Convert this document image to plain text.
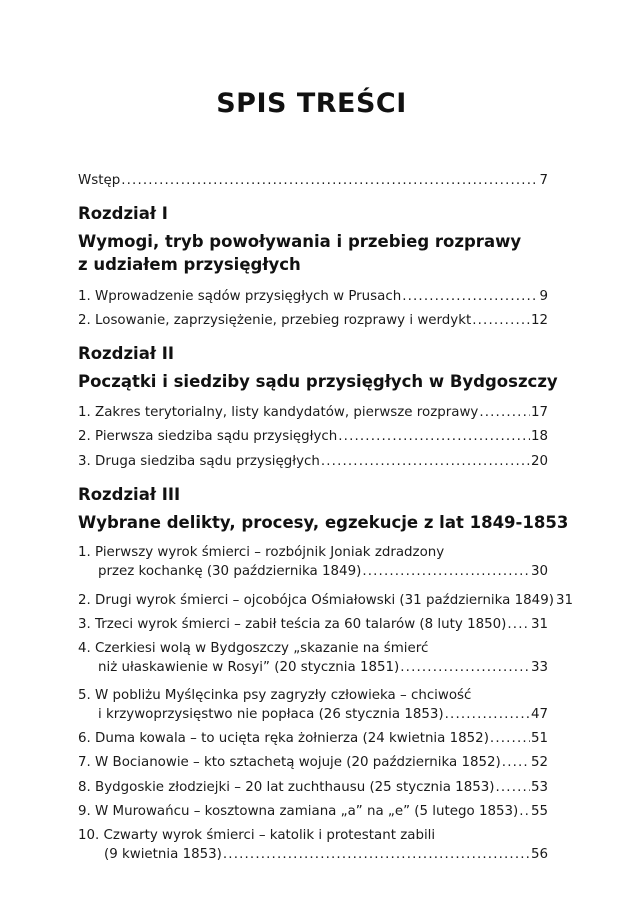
SPIS TREŚCI
Wstęp .....	7
Rozdział I
Wymogi, tryb powoływania i przebieg rozprawy
z udziałem przysięgłych
1. Wprowadzenie sądów przysięgłych w Prusach .....	9
2. Losowanie, zaprzysiężenie, przebieg rozprawy i werdykt .....	12
Rozdział II
Początki i siedziby sądu przysięgłych w Bydgoszczy
1. Zakres terytorialny, listy kandydatów, pierwsze rozprawy .....	17
2. Pierwsza siedziba sądu przysięgłych .....	18
3. Druga siedziba sądu przysięgłych .....	20
Rozdział III
Wybrane delikty, procesy, egzekucje z lat 1849-1853
1. Pierwszy wyrok śmierci – rozbójnik Joniak zdradzony
przez kochankę (30 października 1849) .....	30
2. Drugi wyrok śmierci – ojcobójca Ośmiałowski (31 października 1849) 31
3. Trzeci wyrok śmierci – zabił teścia za 60 talarów (8 luty 1850) ..... 31
4. Czerkiesi wolą w Bydgoszczy „skazanie na śmierć
niż ułaskawienie w Rosyi” (20 stycznia 1851) .....	33
5. W pobliżu Myślęcinka psy zagryzły człowieka – chciwość
i krzywoprzysięstwo nie popłaca (26 stycznia 1853) .....	47
6. Duma kowala – to ucięta ręka żołnierza (24 kwietnia 1852) .....	51
7. W Bocianowie – kto sztachetą wojuje (20 października 1852) ..... 52
8. Bydgoskie złodziejki – 20 lat zuchthausu (25 stycznia 1853) .....	53
9. W Murowańcu – kosztowna zamiana „a” na „e” (5 lutego 1853) ..... 55
10. Czwarty wyrok śmierci – katolik i protestant zabili
(9 kwietnia 1853) .....	56
